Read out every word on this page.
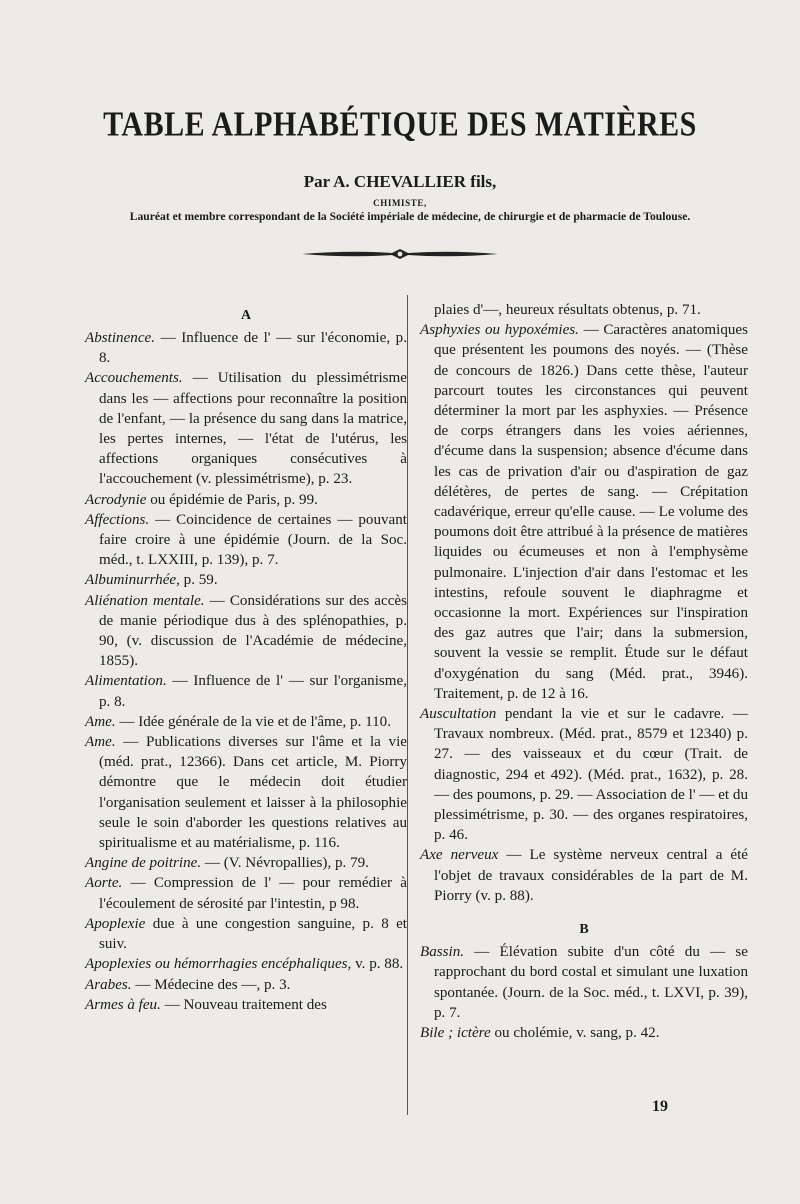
TABLE ALPHABÉTIQUE DES MATIÈRES
Par A. CHEVALLIER fils,
CHIMISTE,
Lauréat et membre correspondant de la Société impériale de médecine, de chirurgie et de pharmacie de Toulouse.
A

Abstinence. — Influence de l' — sur l'économie, p. 8.

Accouchements. — Utilisation du plessimétrisme dans les — affections pour reconnaître la position de l'enfant, — la présence du sang dans la matrice, les pertes internes, — l'état de l'utérus, les affections organiques consécutives à l'accouchement (v. plessimétrisme), p. 23.

Acrodynie ou épidémie de Paris, p. 99.

Affections. — Coincidence de certaines — pouvant faire croire à une épidémie (Journ. de la Soc. méd., t. LXXIII, p. 139), p. 7.

Albuminurrhée, p. 59.

Aliénation mentale. — Considérations sur des accès de manie périodique dus à des splénopathies, p. 90, (v. discussion de l'Académie de médecine, 1855).

Alimentation. — Influence de l' — sur l'organisme, p. 8.

Ame. — Idée générale de la vie et de l'âme, p. 110.

Ame. — Publications diverses sur l'âme et la vie (méd. prat., 12366). Dans cet article, M. Piorry démontre que le médecin doit étudier l'organisation seulement et laisser à la philosophie seule le soin d'aborder les questions relatives au spiritualisme et au matérialisme, p. 116.

Angine de poitrine. — (V. Névropallies), p. 79.

Aorte. — Compression de l' — pour remédier à l'écoulement de sérosité par l'intestin, p 98.

Apoplexie due à une congestion sanguine, p. 8 et suiv.

Apoplexies ou hémorrhagies encéphaliques, v. p. 88.

Arabes. — Médecine des —, p. 3.

Armes à feu. — Nouveau traitement des

plaies d'—, heureux résultats obtenus, p. 71.

Asphyxies ou hypoxémies. — Caractères anatomiques que présentent les poumons des noyés. — (Thèse de concours de 1826.) Dans cette thèse, l'auteur parcourt toutes les circonstances qui peuvent déterminer la mort par les asphyxies. — Présence de corps étrangers dans les voies aériennes, d'écume dans la suspension; absence d'écume dans les cas de privation d'air ou d'aspiration de gaz délétères, de pertes de sang. — Crépitation cadavérique, erreur qu'elle cause. — Le volume des poumons doit être attribué à la présence de matières liquides ou écumeuses et non à l'emphysème pulmonaire. L'injection d'air dans l'estomac et les intestins, refoule souvent le diaphragme et occasionne la mort. Expériences sur l'inspiration des gaz autres que l'air; dans la submersion, souvent la vessie se remplit. Étude sur le défaut d'oxygénation du sang (Méd. prat., 3946). Traitement, p. de 12 à 16.

Auscultation pendant la vie et sur le cadavre. — Travaux nombreux. (Méd. prat., 8579 et 12340) p. 27. — des vaisseaux et du cœur (Trait. de diagnostic, 294 et 492). (Méd. prat., 1632), p. 28. — des poumons, p. 29. — Association de l' — et du plessimétrisme, p. 30. — des organes respiratoires, p. 46.

Axe nerveux — Le système nerveux central a été l'objet de travaux considérables de la part de M. Piorry (v. p. 88).

B

Bassin. — Élévation subite d'un côté du — se rapprochant du bord costal et simulant une luxation spontanée. (Journ. de la Soc. méd., t. LXVI, p. 39), p. 7.

Bile ; ictère ou cholémie, v. sang, p. 42.

19
